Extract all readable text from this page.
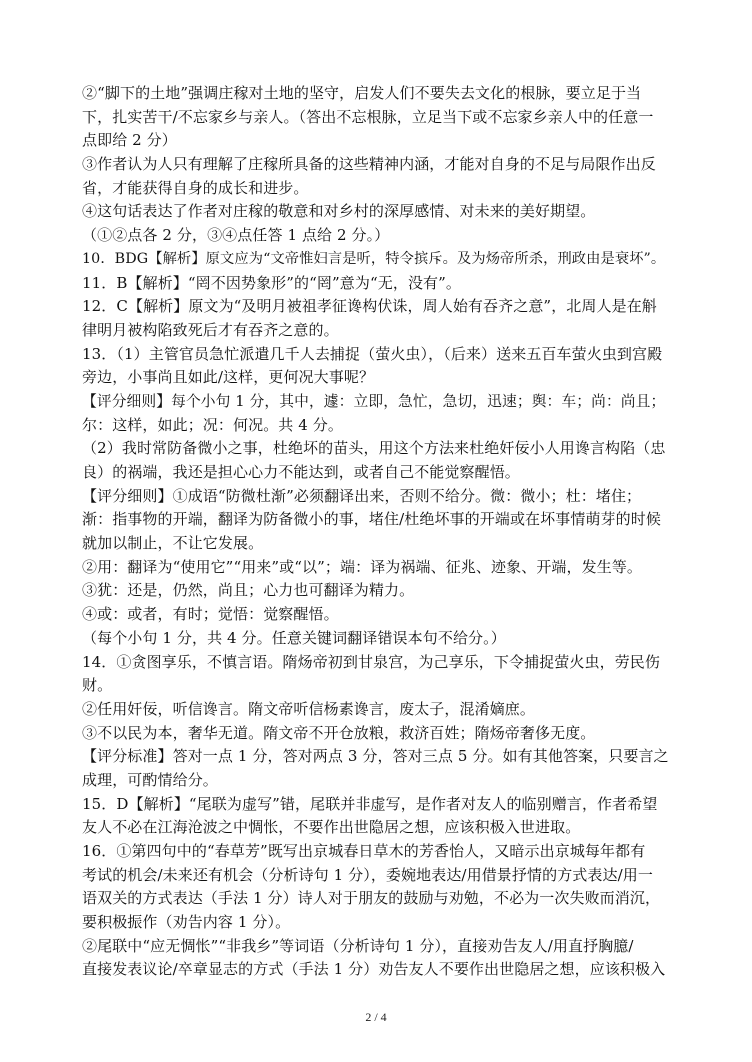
②“脚下的土地”强调庄稼对土地的坚守，启发人们不要失去文化的根脉，要立足于当
下，扎实苦干/不忘家乡与亲人。（答出不忘根脉，立足当下或不忘家乡亲人中的任意一
点即给 2 分）
③作者认为人只有理解了庄稼所具备的这些精神内涵，才能对自身的不足与局限作出反
省，才能获得自身的成长和进步。
④这句话表达了作者对庄稼的敬意和对乡村的深厚感情、对未来的美好期望。
（①②点各 2 分，③④点任答 1 点给 2 分。）
10．BDG【解析】原文应为“文帝惟妇言是听，特令摈斥。及为炀帝所杀，刑政由是衰坏”。
11．B【解析】“罔不因势象形”的“罔”意为“无，没有”。
12．C【解析】原文为“及明月被祖孝征谗构伏诛，周人始有吞齐之意”，北周人是在斛
律明月被构陷致死后才有吞齐之意的。
13．（1）主管官员急忙派遣几千人去捕捉（萤火虫），（后来）送来五百车萤火虫到宫殿
旁边，小事尚且如此/这样，更何况大事呢？
【评分细则】每个小句 1 分，其中，遽：立即，急忙，急切，迅速；舆：车；尚：尚且；
尔：这样，如此；况：何况。共 4 分。
（2）我时常防备微小之事，杜绝坏的苗头，用这个方法来杜绝奸佞小人用谗言构陷（忠
良）的祸端，我还是担心心力不能达到，或者自己不能觉察醒悟。
【评分细则】①成语“防微杜渐”必须翻译出来，否则不给分。微：微小；杜：堵住；
渐：指事物的开端，翻译为防备微小的事，堵住/杜绝坏事的开端或在坏事情萌芽的时候
就加以制止，不让它发展。
②用：翻译为“使用它”“用来”或“以”；端：译为祸端、征兆、迹象、开端，发生等。
③犹：还是，仍然，尚且；心力也可翻译为精力。
④或：或者，有时；觉悟：觉察醒悟。
（每个小句 1 分，共 4 分。任意关键词翻译错误本句不给分。）
14．①贪图享乐，不慎言语。隋炀帝初到甘泉宫，为己享乐，下令捕捉萤火虫，劳民伤
财。
②任用奸佞，听信谗言。隋文帝听信杨素谗言，废太子，混淆嫡庶。
③不以民为本，奢华无道。隋文帝不开仓放粮，救济百姓；隋炀帝奢侈无度。
【评分标准】答对一点 1 分，答对两点 3 分，答对三点 5 分。如有其他答案，只要言之
成理，可酌情给分。
15．D【解析】“尾联为虚写”错，尾联并非虚写，是作者对友人的临别赠言，作者希望
友人不必在江海沧波之中惆怅，不要作出世隐居之想，应该积极入世进取。
16．①第四句中的“春草芳”既写出京城春日草木的芳香怡人，又暗示出京城每年都有
考试的机会/未来还有机会（分析诗句 1 分），委婉地表达/用借景抒情的方式表达/用一
语双关的方式表达（手法 1 分）诗人对于朋友的鼓励与劝勉，不必为一次失败而消沉，
要积极振作（劝告内容 1 分）。
②尾联中“应无惆怅”“非我乡”等词语（分析诗句 1 分），直接劝告友人/用直抒胸臆/
直接发表议论/卒章显志的方式（手法 1 分）劝告友人不要作出世隐居之想，应该积极入
2 / 4
